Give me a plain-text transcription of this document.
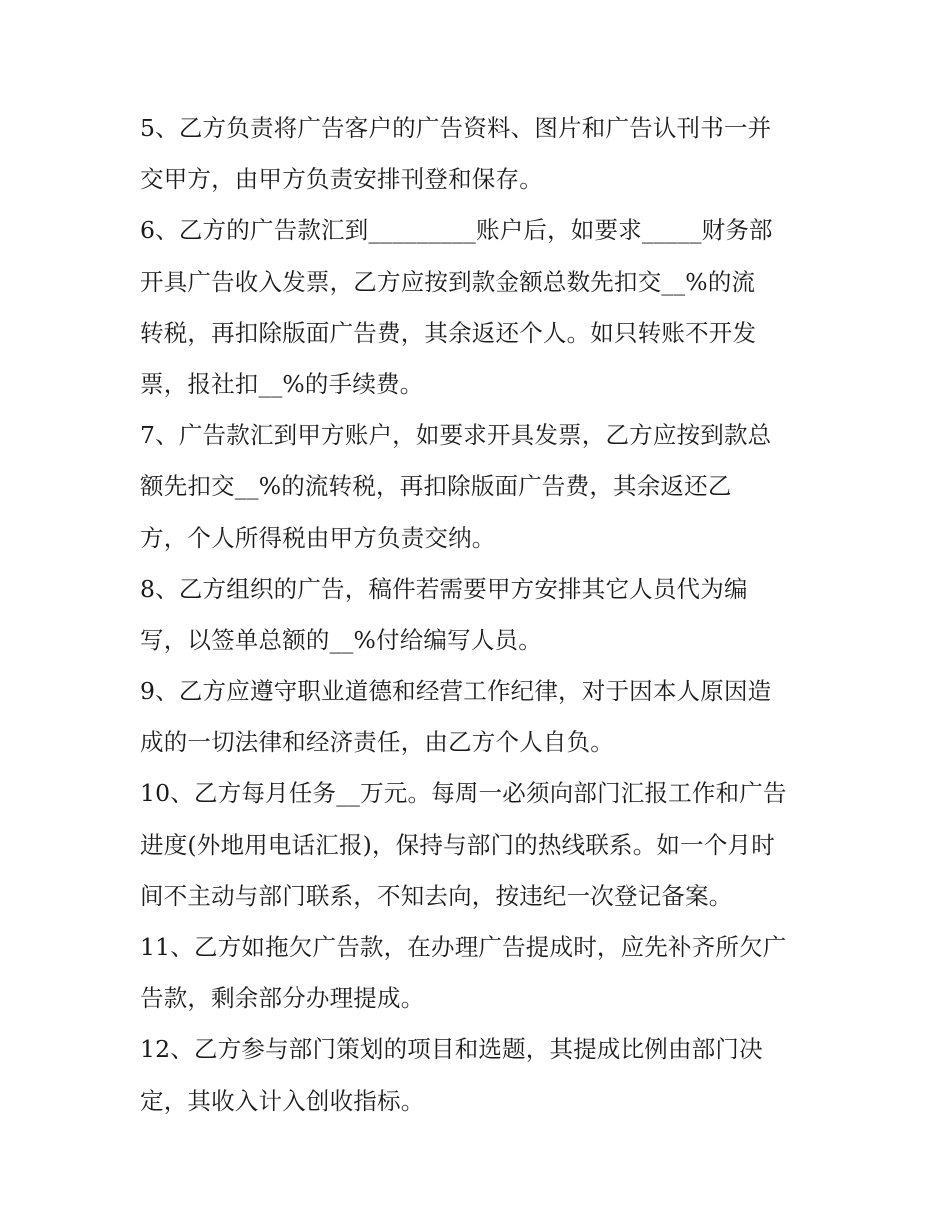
5、乙方负责将广告客户的广告资料、图片和广告认刊书一并
交甲方，由甲方负责安排刊登和保存。
6、乙方的广告款汇到_________账户后，如要求_____财务部
开具广告收入发票，乙方应按到款金额总数先扣交__%的流
转税，再扣除版面广告费，其余返还个人。如只转账不开发
票，报社扣__%的手续费。
7、广告款汇到甲方账户，如要求开具发票，乙方应按到款总
额先扣交__%的流转税，再扣除版面广告费，其余返还乙
方，个人所得税由甲方负责交纳。
8、乙方组织的广告，稿件若需要甲方安排其它人员代为编
写，以签单总额的__%付给编写人员。
9、乙方应遵守职业道德和经营工作纪律，对于因本人原因造
成的一切法律和经济责任，由乙方个人自负。
10、乙方每月任务__万元。每周一必须向部门汇报工作和广告
进度(外地用电话汇报)，保持与部门的热线联系。如一个月时
间不主动与部门联系，不知去向，按违纪一次登记备案。
11、乙方如拖欠广告款，在办理广告提成时，应先补齐所欠广
告款，剩余部分办理提成。
12、乙方参与部门策划的项目和选题，其提成比例由部门决
定，其收入计入创收指标。
